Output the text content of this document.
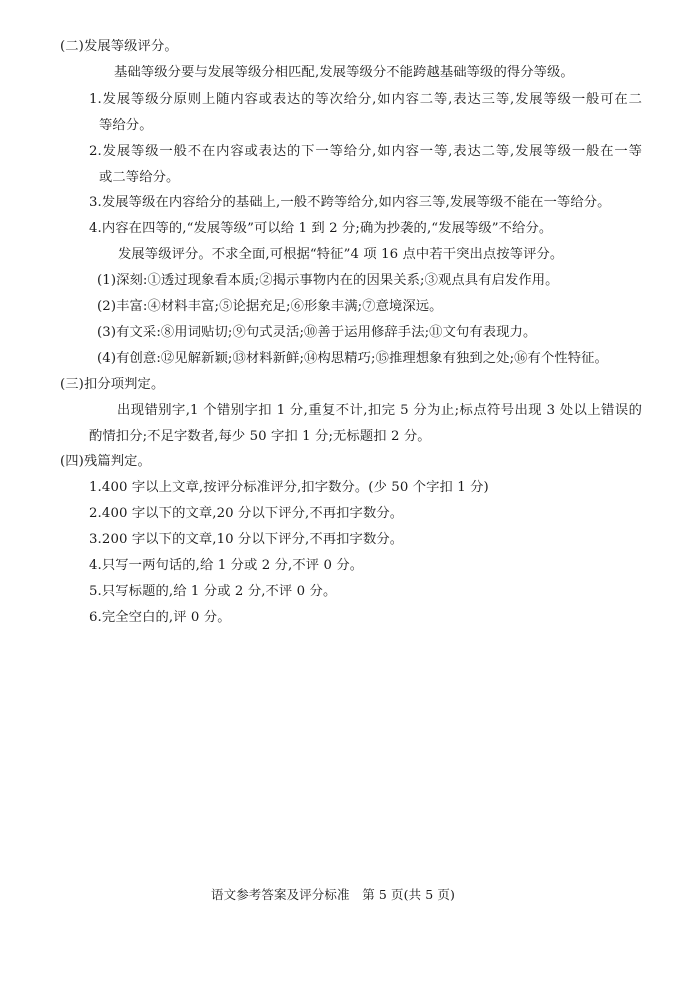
(二)发展等级评分。
基础等级分要与发展等级分相匹配,发展等级分不能跨越基础等级的得分等级。
1.发展等级分原则上随内容或表达的等次给分,如内容二等,表达三等,发展等级一般可在二
等给分。
2.发展等级一般不在内容或表达的下一等给分,如内容一等,表达二等,发展等级一般在一等
或二等给分。
3.发展等级在内容给分的基础上,一般不跨等给分,如内容三等,发展等级不能在一等给分。
4.内容在四等的,“发展等级”可以给 1 到 2 分;确为抄袭的,“发展等级”不给分。
发展等级评分。不求全面,可根据“特征”4 项 16 点中若干突出点按等评分。
(1)深刻:①透过现象看本质;②揭示事物内在的因果关系;③观点具有启发作用。
(2)丰富:④材料丰富;⑤论据充足;⑥形象丰满;⑦意境深远。
(3)有文采:⑧用词贴切;⑨句式灵活;⑩善于运用修辞手法;⑪文句有表现力。
(4)有创意:⑫见解新颖;⑬材料新鲜;⑭构思精巧;⑮推理想象有独到之处;⑯有个性特征。
(三)扣分项判定。
出现错别字,1 个错别字扣 1 分,重复不计,扣完 5 分为止;标点符号出现 3 处以上错误的
酌情扣分;不足字数者,每少 50 字扣 1 分;无标题扣 2 分。
(四)残篇判定。
1.400 字以上文章,按评分标准评分,扣字数分。(少 50 个字扣 1 分)
2.400 字以下的文章,20 分以下评分,不再扣字数分。
3.200 字以下的文章,10 分以下评分,不再扣字数分。
4.只写一两句话的,给 1 分或 2 分,不评 0 分。
5.只写标题的,给 1 分或 2 分,不评 0 分。
6.完全空白的,评 0 分。
语文参考答案及评分标准　第 5 页(共 5 页)
